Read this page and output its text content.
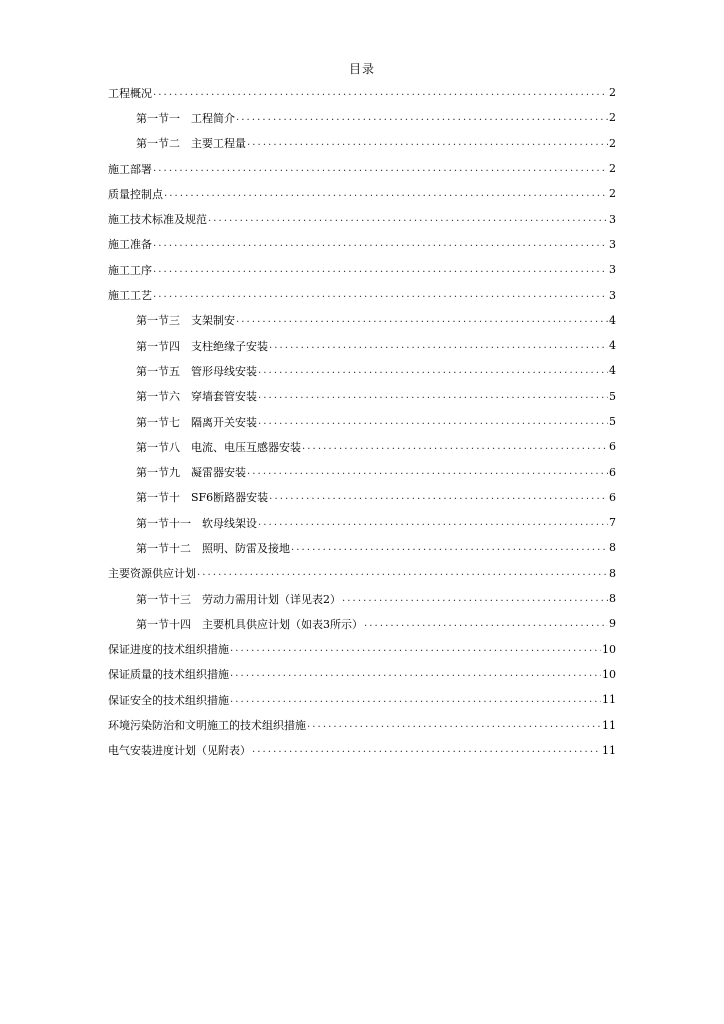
目录
工程概况 .....	2
第一节一　工程简介 .....	2
第一节二　主要工程量 .....	2
施工部署 .....	2
质量控制点 .....	2
施工技术标准及规范 .....	3
施工准备 .....	3
施工工序 .....	3
施工工艺 .....	3
第一节三　支架制安 .....	4
第一节四　支柱绝缘子安装 .....	4
第一节五　管形母线安装 .....	4
第一节六　穿墙套管安装 .....	5
第一节七　隔离开关安装 .....	5
第一节八　电流、电压互感器安装 .....	6
第一节九　凝雷器安装 .....	6
第一节十　SF6断路器安装 .....	6
第一节十一　软母线架设 .....	7
第一节十二　照明、防雷及接地 .....	8
主要资源供应计划 .....	8
第一节十三　劳动力需用计划（详见表2） .....	8
第一节十四　主要机具供应计划（如表3所示） .....	9
保证进度的技术组织措施 .....	10
保证质量的技术组织措施 .....	10
保证安全的技术组织措施 .....	11
环境污染防治和文明施工的技术组织措施 .....	11
电气安装进度计划（见附表） .....	11
